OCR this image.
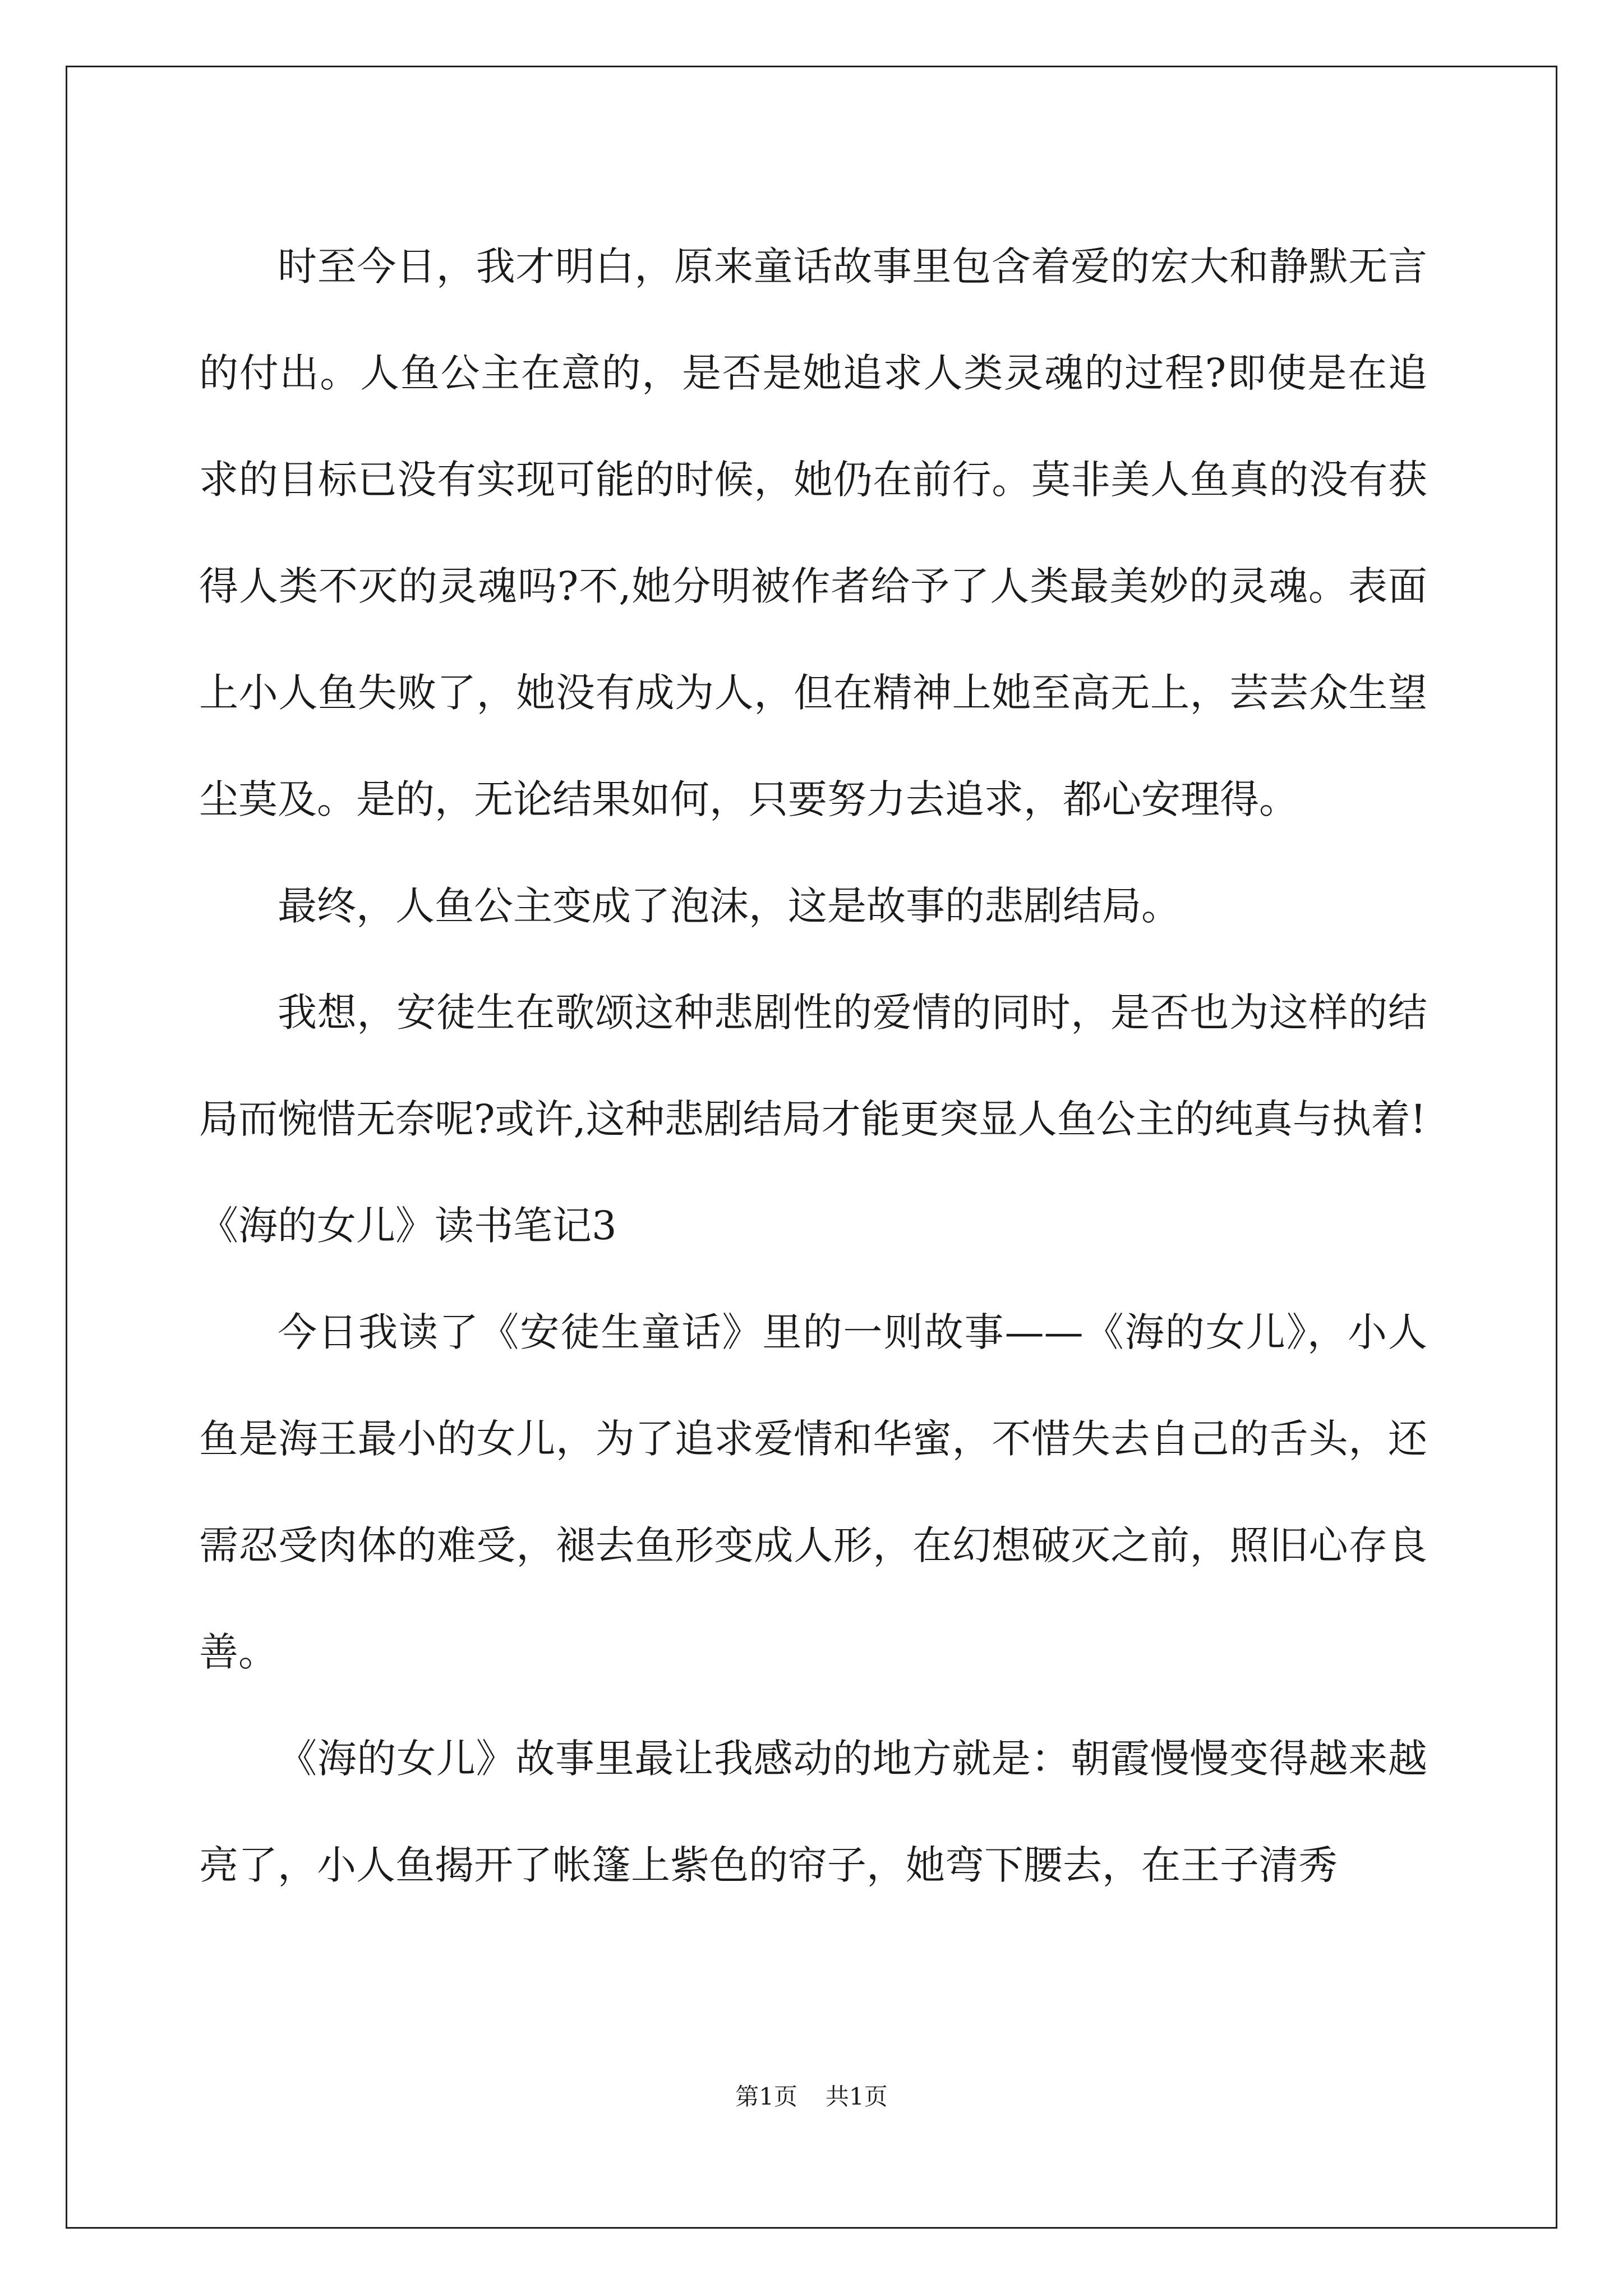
时至今日，我才明白，原来童话故事里包含着爱的宏大和静默无言的付出。人鱼公主在意的，是否是她追求人类灵魂的过程?即使是在追求的目标已没有实现可能的时候，她仍在前行。莫非美人鱼真的没有获得人类不灭的灵魂吗?不,她分明被作者给予了人类最美妙的灵魂。表面上小人鱼失败了，她没有成为人，但在精神上她至高无上，芸芸众生望尘莫及。是的，无论结果如何，只要努力去追求，都心安理得。

最终，人鱼公主变成了泡沫，这是故事的悲剧结局。

我想，安徒生在歌颂这种悲剧性的爱情的同时，是否也为这样的结局而惋惜无奈呢?或许,这种悲剧结局才能更突显人鱼公主的纯真与执着!

《海的女儿》读书笔记3

今日我读了《安徒生童话》里的一则故事——《海的女儿》，小人鱼是海王最小的女儿，为了追求爱情和华蜜，不惜失去自己的舌头，还需忍受肉体的难受，褪去鱼形变成人形，在幻想破灭之前，照旧心存良善。

《海的女儿》故事里最让我感动的地方就是：朝霞慢慢变得越来越亮了，小人鱼揭开了帐篷上紫色的帘子，她弯下腰去，在王子清秀

第1页 共1页
